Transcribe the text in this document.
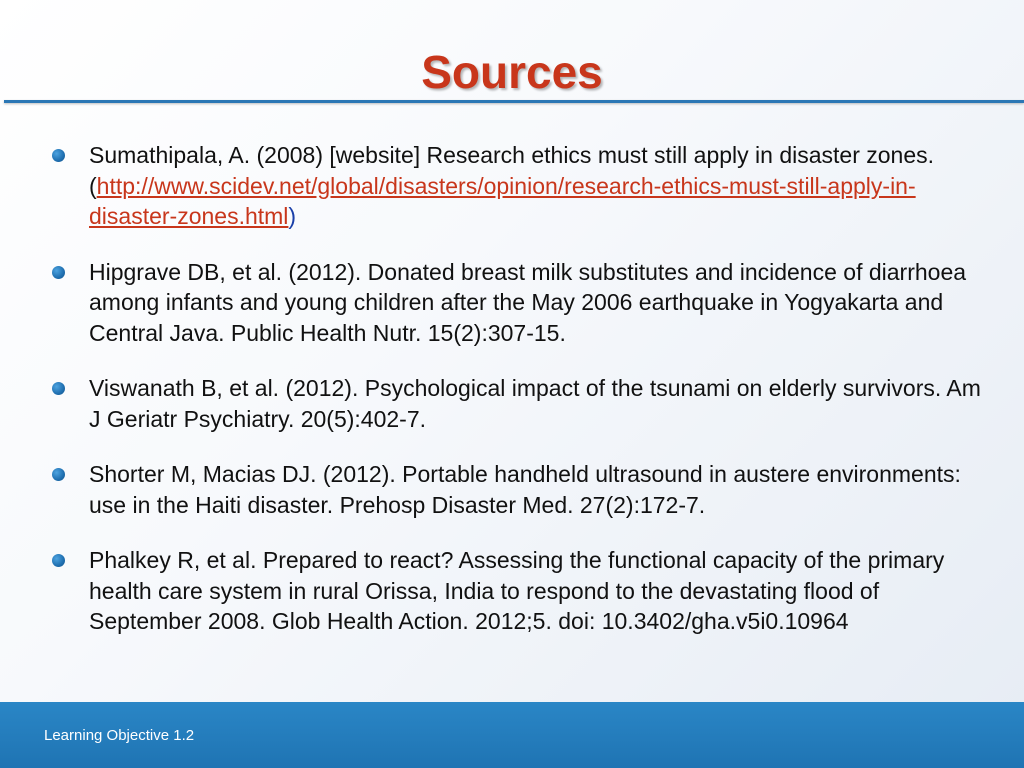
Sources
Sumathipala, A. (2008) [website] Research ethics must still apply in disaster zones. (http://www.scidev.net/global/disasters/opinion/research-ethics-must-still-apply-in-disaster-zones.html)
Hipgrave DB, et al. (2012). Donated breast milk substitutes and incidence of diarrhoea among infants and young children after the May 2006 earthquake in Yogyakarta and Central Java. Public Health Nutr. 15(2):307-15.
Viswanath B, et al. (2012). Psychological impact of the tsunami on elderly survivors. Am J Geriatr Psychiatry. 20(5):402-7.
Shorter M, Macias DJ. (2012). Portable handheld ultrasound in austere environments: use in the Haiti disaster. Prehosp Disaster Med. 27(2):172-7.
Phalkey R, et al. Prepared to react? Assessing the functional capacity of the primary health care system in rural Orissa, India to respond to the devastating flood of September 2008. Glob Health Action. 2012;5. doi: 10.3402/gha.v5i0.10964
Learning Objective 1.2
